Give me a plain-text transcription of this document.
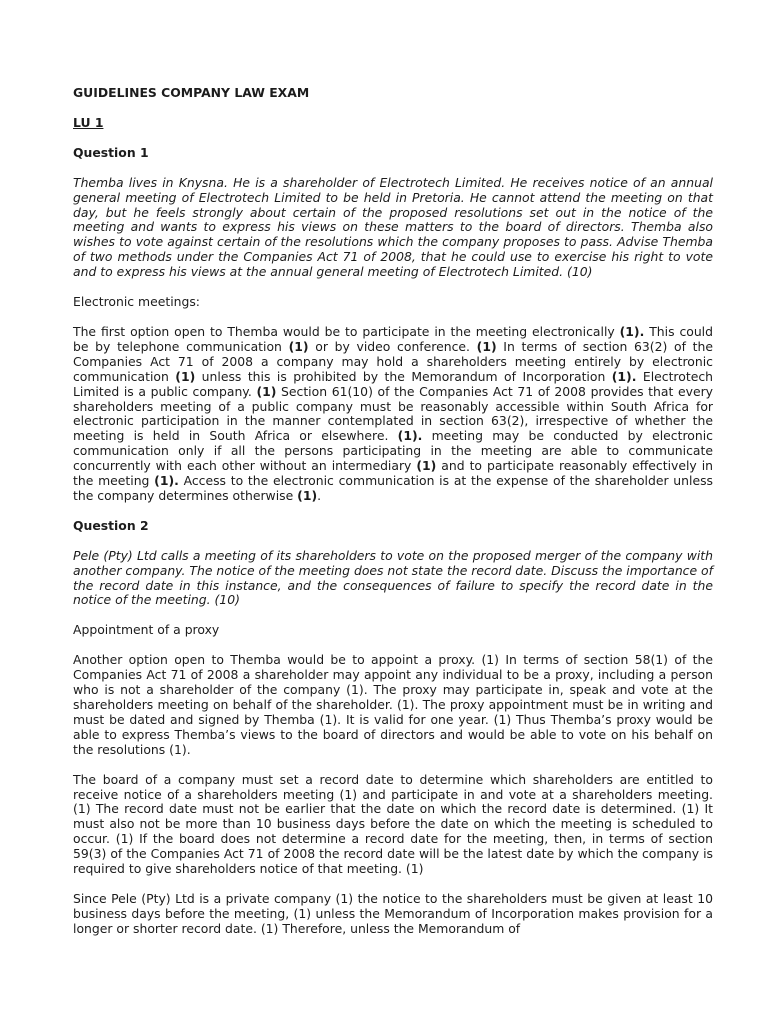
GUIDELINES COMPANY LAW EXAM

LU 1

Question 1

Themba lives in Knysna. He is a shareholder of Electrotech Limited. He receives notice of an annual general meeting of Electrotech Limited to be held in Pretoria. He cannot attend the meeting on that day, but he feels strongly about certain of the proposed resolutions set out in the notice of the meeting and wants to express his views on these matters to the board of directors. Themba also wishes to vote against certain of the resolutions which the company proposes to pass. Advise Themba of two methods under the Companies Act 71 of 2008, that he could use to exercise his right to vote and to express his views at the annual general meeting of Electrotech Limited. (10)

Electronic meetings:

The first option open to Themba would be to participate in the meeting electronically (1). This could be by telephone communication (1) or by video conference. (1) In terms of section 63(2) of the Companies Act 71 of 2008 a company may hold a shareholders meeting entirely by electronic communication (1) unless this is prohibited by the Memorandum of Incorporation (1). Electrotech Limited is a public company. (1) Section 61(10) of the Companies Act 71 of 2008 provides that every shareholders meeting of a public company must be reasonably accessible within South Africa for electronic participation in the manner contemplated in section 63(2), irrespective of whether the meeting is held in South Africa or elsewhere. (1). meeting may be conducted by electronic communication only if all the persons participating in the meeting are able to communicate concurrently with each other without an intermediary (1) and to participate reasonably effectively in the meeting (1). Access to the electronic communication is at the expense of the shareholder unless the company determines otherwise (1).

Question 2

Pele (Pty) Ltd calls a meeting of its shareholders to vote on the proposed merger of the company with another company. The notice of the meeting does not state the record date. Discuss the importance of the record date in this instance, and the consequences of failure to specify the record date in the notice of the meeting. (10)

Appointment of a proxy

Another option open to Themba would be to appoint a proxy. (1) In terms of section 58(1) of the Companies Act 71 of 2008 a shareholder may appoint any individual to be a proxy, including a person who is not a shareholder of the company (1). The proxy may participate in, speak and vote at the shareholders meeting on behalf of the shareholder. (1). The proxy appointment must be in writing and must be dated and signed by Themba (1). It is valid for one year. (1) Thus Themba’s proxy would be able to express Themba’s views to the board of directors and would be able to vote on his behalf on the resolutions (1).

The board of a company must set a record date to determine which shareholders are entitled to receive notice of a shareholders meeting (1) and participate in and vote at a shareholders meeting. (1) The record date must not be earlier that the date on which the record date is determined. (1) It must also not be more than 10 business days before the date on which the meeting is scheduled to occur. (1) If the board does not determine a record date for the meeting, then, in terms of section 59(3) of the Companies Act 71 of 2008 the record date will be the latest date by which the company is required to give shareholders notice of that meeting. (1)

Since Pele (Pty) Ltd is a private company (1) the notice to the shareholders must be given at least 10 business days before the meeting, (1) unless the Memorandum of Incorporation makes provision for a longer or shorter record date. (1) Therefore, unless the Memorandum of
